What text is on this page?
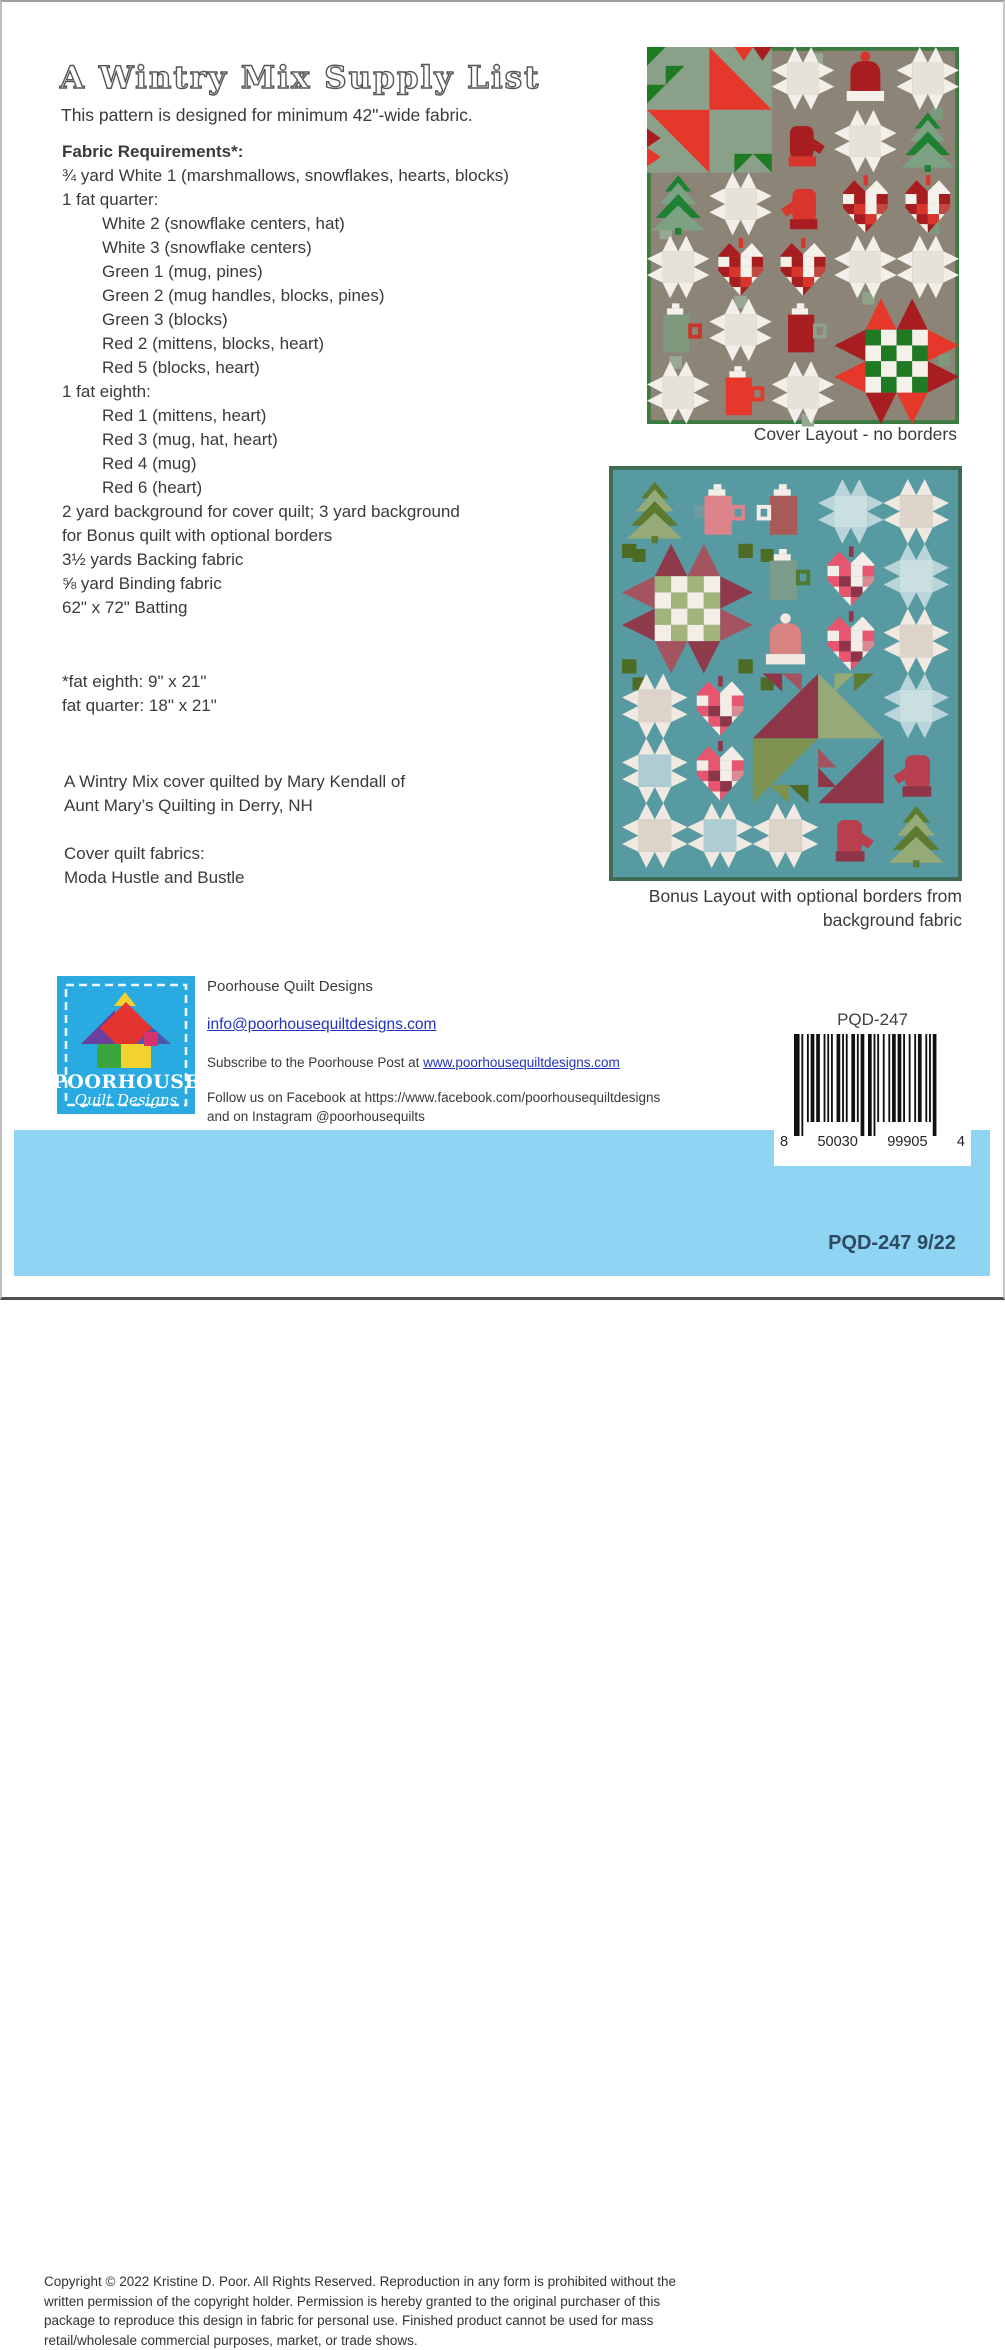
A Wintry Mix Supply List
This pattern is designed for minimum 42"-wide fabric.
Fabric Requirements*:
¾ yard White 1 (marshmallows, snowflakes, hearts, blocks)
1 fat quarter:
White 2 (snowflake centers, hat)
White 3 (snowflake centers)
Green 1 (mug, pines)
Green 2 (mug handles, blocks, pines)
Green 3 (blocks)
Red 2 (mittens, blocks, heart)
Red 5 (blocks, heart)
1 fat eighth:
Red 1 (mittens, heart)
Red 3 (mug, hat, heart)
Red 4 (mug)
Red 6 (heart)
2 yard background for cover quilt; 3 yard background
for Bonus quilt with optional borders
3½ yards Backing fabric
⅝ yard Binding fabric
62" x 72" Batting
*fat eighth: 9" x 21"
fat quarter: 18" x 21"
A Wintry Mix cover quilted by Mary Kendall of
Aunt Mary’s Quilting in Derry, NH
Cover quilt fabrics:
Moda Hustle and Bustle
Cover Layout - no borders
Bonus Layout with optional borders from
background fabric
POORHOUSE
Quilt Designs
Poorhouse Quilt Designs
info@poorhousequiltdesigns.com
Subscribe to the Poorhouse Post at www.poorhousequiltdesigns.com
Follow us on Facebook at https://www.facebook.com/poorhousequiltdesigns
and on Instagram @poorhousequilts
Copyright © 2022 Kristine D. Poor. All Rights Reserved. Reproduction in any form is prohibited without the
written permission of the copyright holder. Permission is hereby granted to the original purchaser of this
package to reproduce this design in fabric for personal use. Finished product cannot be used for mass
retail/wholesale commercial purposes, market, or trade shows.
PQD-247
8 50030 99905 4
PQD-247 9/22
